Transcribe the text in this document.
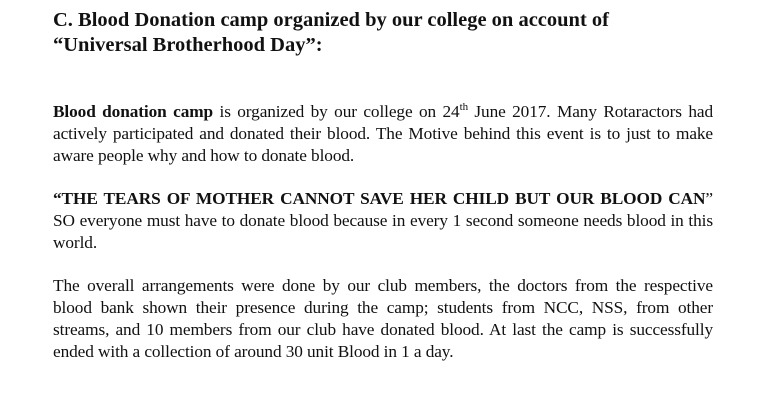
C. Blood Donation camp organized by our college on account of
“Universal Brotherhood Day”:

Blood donation camp is organized by our college on 24th June 2017. Many Rotaractors had actively participated and donated their blood. The Motive behind this event is to just to make aware people why and how to donate blood.

“THE TEARS OF MOTHER CANNOT SAVE HER CHILD BUT OUR BLOOD CAN” SO everyone must have to donate blood because in every 1 second someone needs blood in this world.

The overall arrangements were done by our club members, the doctors from the respective blood bank shown their presence during the camp; students from NCC, NSS, from other streams, and 10 members from our club have donated blood. At last the camp is successfully ended with a collection of around 30 unit Blood in 1 a day.
